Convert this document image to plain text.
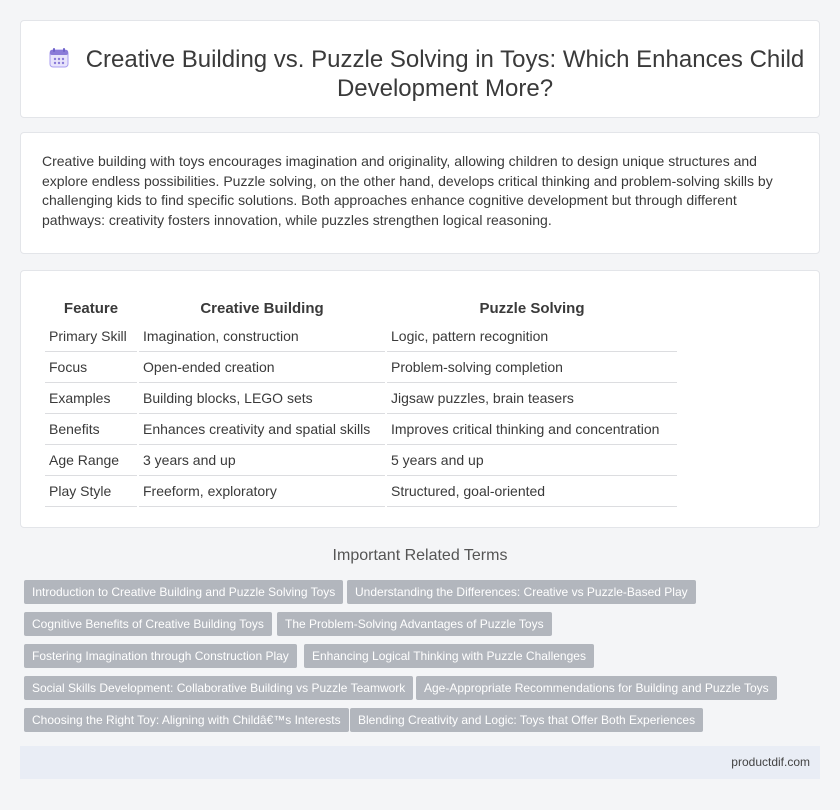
Creative Building vs. Puzzle Solving in Toys: Which Enhances Child Development More?

Creative building with toys encourages imagination and originality, allowing children to design unique structures and explore endless possibilities. Puzzle solving, on the other hand, develops critical thinking and problem-solving skills by challenging kids to find specific solutions. Both approaches enhance cognitive development but through different pathways: creativity fosters innovation, while puzzles strengthen logical reasoning.

Feature	Creative Building	Puzzle Solving
Primary Skill	Imagination, construction	Logic, pattern recognition
Focus	Open-ended creation	Problem-solving completion
Examples	Building blocks, LEGO sets	Jigsaw puzzles, brain teasers
Benefits	Enhances creativity and spatial skills	Improves critical thinking and concentration
Age Range	3 years and up	5 years and up
Play Style	Freeform, exploratory	Structured, goal-oriented
Important Related Terms
Introduction to Creative Building and Puzzle Solving Toys	Understanding the Differences: Creative vs Puzzle-Based Play
Cognitive Benefits of Creative Building Toys	The Problem-Solving Advantages of Puzzle Toys
Fostering Imagination through Construction Play	Enhancing Logical Thinking with Puzzle Challenges
Social Skills Development: Collaborative Building vs Puzzle Teamwork	Age-Appropriate Recommendations for Building and Puzzle Toys
Choosing the Right Toy: Aligning with Childâ€™s Interests	Blending Creativity and Logic: Toys that Offer Both Experiences
productdif.com
